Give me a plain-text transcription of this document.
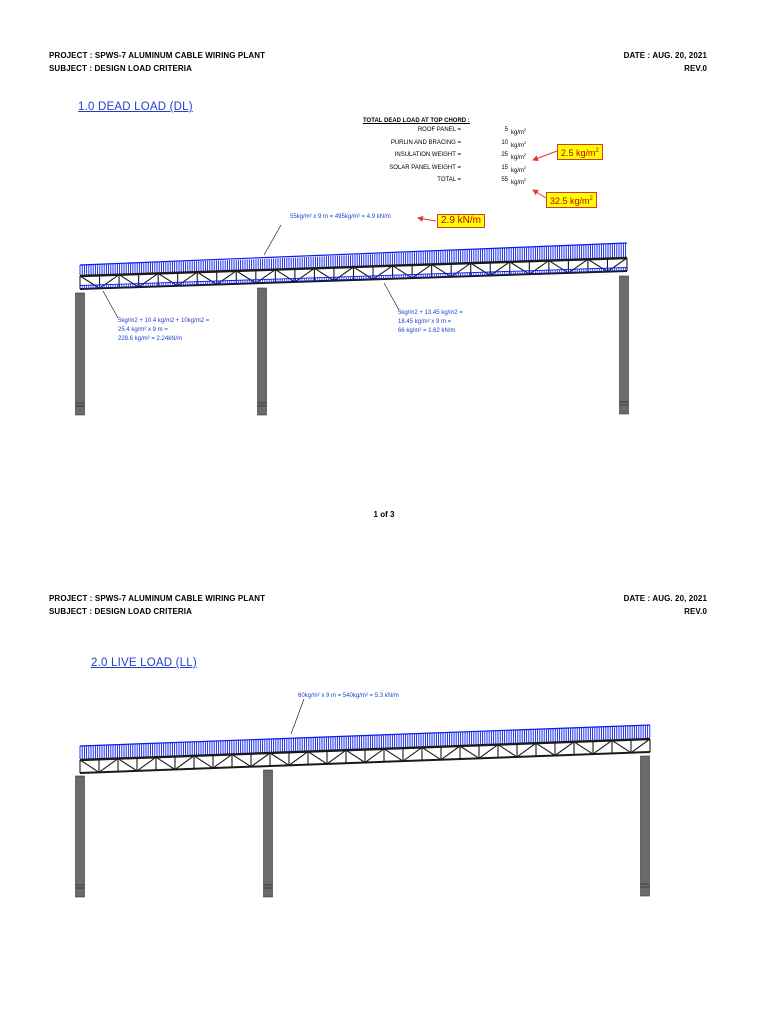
PROJECT : SPWS-7 ALUMINUM CABLE WIRING PLANT
SUBJECT : DESIGN LOAD CRITERIA
DATE : AUG. 20, 2021
REV.0
1.0 DEAD LOAD (DL)
TOTAL DEAD LOAD AT TOP CHORD :
ROOF PANEL =	5 $kg/m^2$
PURLIN AND BRACING =	10 $kg/m^2$
INSULATION WEIGHT =	25 $kg/m^2$
SOLAR PANEL WEIGHT =	15 $kg/m^2$
TOTAL =	55 $kg/m^2$
2.5 $kg/m^2$
32.5 $kg/m^2$
2.9 kN/m
55kg/m² x 9 m = 495kg/m² = 4.9 kN/m
5kg/m2 + 10.4 kg/m2 + 10kg/m2 =
25.4 kg/m² x 9 m =
228.6 kg/m² = 2.24kN/m
5kg/m2 + 13.45 kg/m2 =
18.45 kg/m² x 9 m =
66 kg/m² = 1.62 kN/m
1 of 3
PROJECT : SPWS-7 ALUMINUM CABLE WIRING PLANT
SUBJECT : DESIGN LOAD CRITERIA
DATE : AUG. 20, 2021
REV.0
2.0 LIVE LOAD (LL)
60kg/m² x 9 m = 540kg/m² = 5.3 kN/m
